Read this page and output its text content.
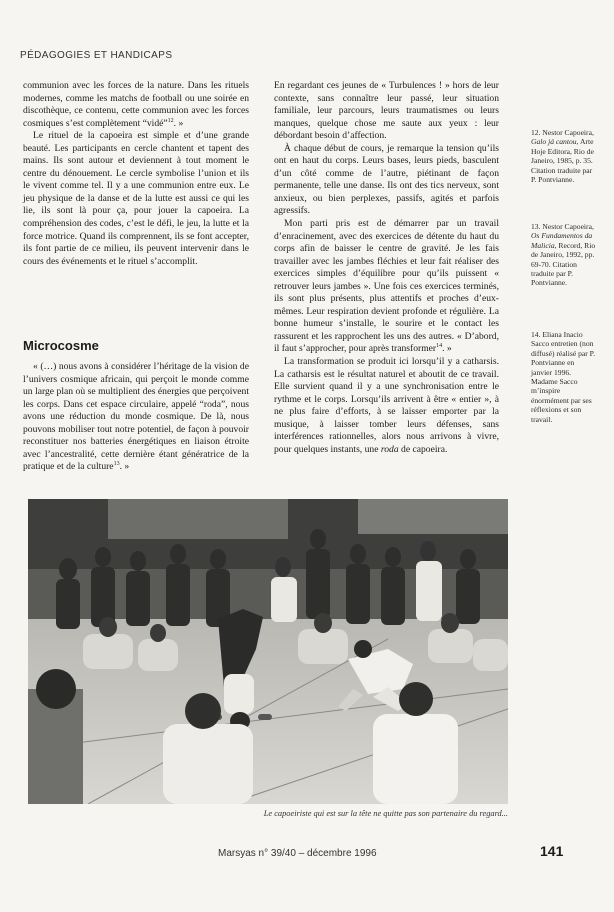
PÉDAGOGIES ET HANDICAPS

communion avec les forces de la nature. Dans les rituels modernes, comme les matchs de football ou une soirée en discothèque, ce contenu, cette communion avec les forces cosmiques s’est complètement “vidé”$^{12}$. »

Le rituel de la capoeira est simple et d’une grande beauté. Les participants en cercle chantent et tapent des mains. Ils sont autour et deviennent à tout moment le centre du dénouement. Le cercle symbolise l’union et ils le vivent comme tel. Il y a une communion entre eux. Le jeu physique de la danse et de la lutte est aussi ce qui les lie, ils sont là pour ça, pour jouer la capoeira. La compréhension des codes, c’est le défi, le jeu, la lutte et la force motrice. Quand ils comprennent, ils se font accepter, ils font partie de ce milieu, ils peuvent intervenir dans le cours des événements et le rituel s’accomplit.

Microcosme

« (…) nous avons à considérer l’héritage de la vision de l’univers cosmique africain, qui perçoit le monde comme un large plan où se multiplient des énergies que perçoivent les corps. Dans cet espace circulaire, appelé “roda”, nous avons une réduction du monde cosmique. De là, nous pouvons mobiliser tout notre potentiel, de façon à pouvoir reconstituer nos batteries énergétiques en liaison étroite avec l’ancestralité, cette dernière étant génératrice de la pratique et de la culture$^{13}$. »

En regardant ces jeunes de « Turbulences ! » hors de leur contexte, sans connaître leur passé, leur situation familiale, leur parcours, leurs traumatismes ou leurs manques, quelque chose me saute aux yeux : leur débordant besoin d’affection.

À chaque début de cours, je remarque la tension qu’ils ont en haut du corps. Leurs bases, leurs pieds, basculent d’un côté comme de l’autre, piétinant de façon permanente, telle une danse. Ils ont des tics nerveux, sont anxieux, ou bien perplexes, passifs, agités et parfois agressifs.

Mon parti pris est de démarrer par un travail d’enracinement, avec des exercices de détente du haut du corps afin de baisser le centre de gravité. Je les fais travailler avec les jambes fléchies et leur fait réaliser des exercices simples d’équilibre pour qu’ils puissent « retrouver leurs jambes ». Une fois ces exercices terminés, ils sont plus présents, plus attentifs et proches d’eux-mêmes. Leur respiration devient profonde et régulière. La bonne humeur s’installe, le sourire et le contact les rassurent et les rapprochent les uns des autres. « D’abord, il faut s’approcher, pour après transformer$^{14}$. »

La transformation se produit ici lorsqu’il y a catharsis. La catharsis est le résultat naturel et aboutit de ce travail. Elle survient quand il y a une synchronisation entre le rythme et le corps. Lorsqu’ils arrivent à être « entier », à ne plus faire d’efforts, à se laisser emporter par la musique, à laisser tomber leurs défenses, sans interférences rationnelles, alors nous arrivons à vivre, pour quelques instants, une roda de capoeira.

12. Nestor Capoeira, Galo já cantou, Arte Hoje Editora, Rio de Janeiro, 1985, p. 35. Citation traduite par P. Pontvianne.
13. Nestor Capoeira, Os Fundamentos da Malicia, Record, Rio de Janeiro, 1992, pp. 69-70. Citation traduite par P. Pontvianne.
14. Eliana Inacio Sacco entretien (non diffusé) réalisé par P. Pontvianne en janvier 1996. Madame Sacco m’inspire énormément par ses réflexions et son travail.
Le capoeiriste qui est sur la tête ne quitte pas son partenaire du regard...
Marsyas n° 39/40 – décembre 1996	141
